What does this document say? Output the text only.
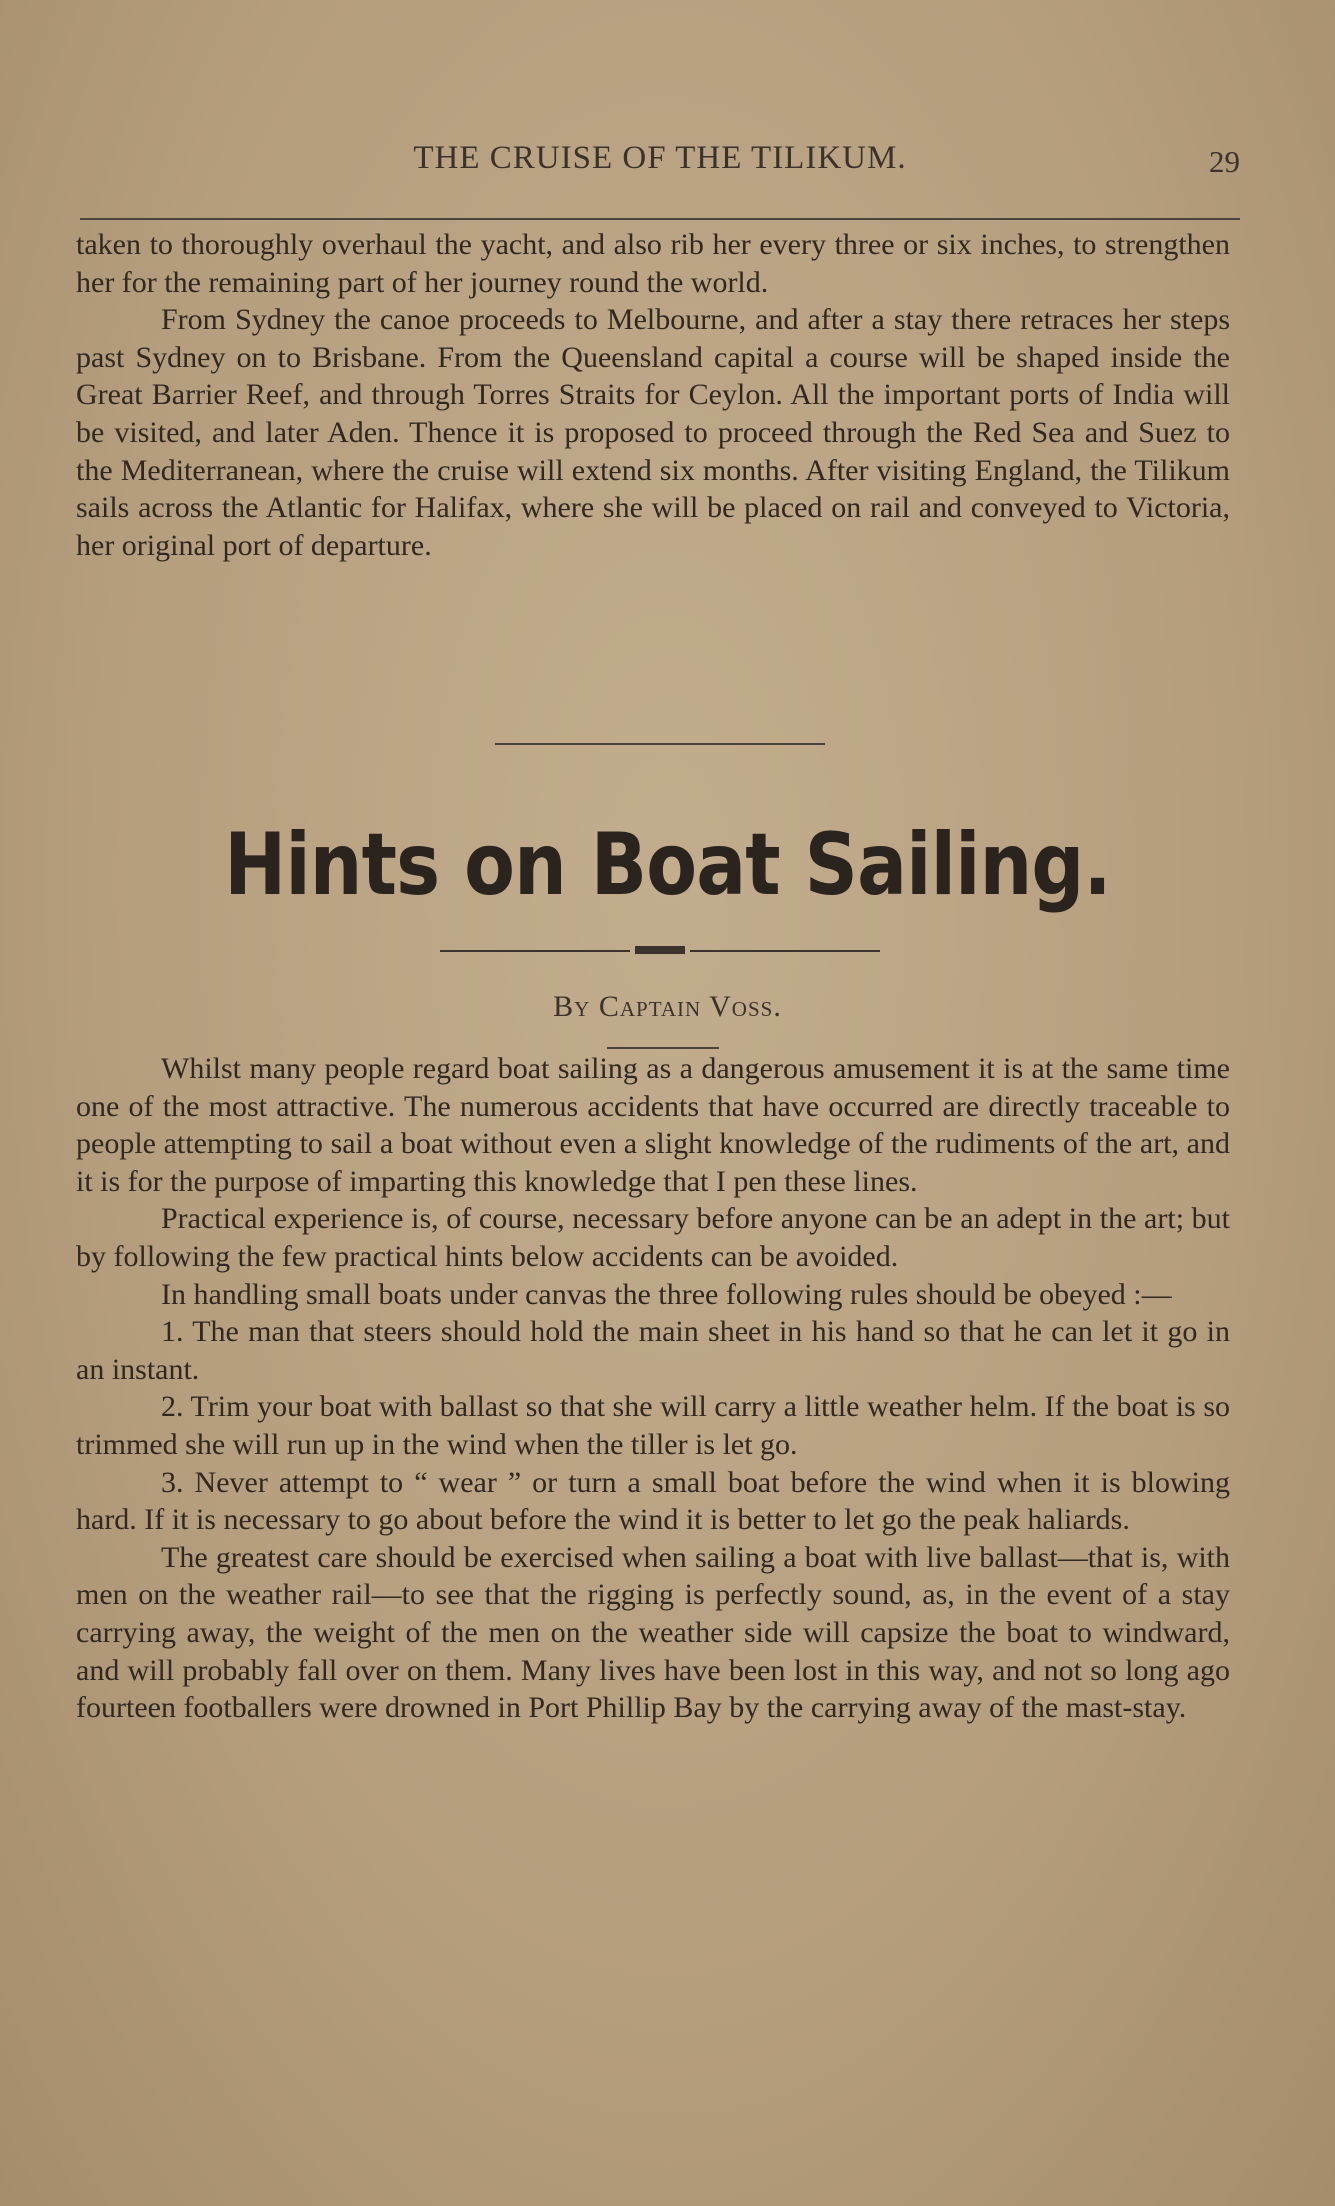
THE CRUISE OF THE TILIKUM.	29

taken to thoroughly overhaul the yacht, and also rib her every three or six inches, to strengthen her for the remaining part of her journey round the world.

From Sydney the canoe proceeds to Melbourne, and after a stay there retraces her steps past Sydney on to Brisbane. From the Queensland capital a course will be shaped inside the Great Barrier Reef, and through Torres Straits for Ceylon. All the important ports of India will be visited, and later Aden. Thence it is proposed to proceed through the Red Sea and Suez to the Mediterranean, where the cruise will extend six months. After visiting England, the Tilikum sails across the Atlantic for Halifax, where she will be placed on rail and conveyed to Victoria, her original port of departure.

Hints on Boat Sailing.
By Captain Voss.

Whilst many people regard boat sailing as a dangerous amusement it is at the same time one of the most attractive. The numerous accidents that have occurred are directly traceable to people attempting to sail a boat without even a slight knowledge of the rudiments of the art, and it is for the purpose of imparting this knowledge that I pen these lines.

Practical experience is, of course, necessary before anyone can be an adept in the art; but by following the few practical hints below accidents can be avoided.

In handling small boats under canvas the three following rules should be obeyed :—

1. The man that steers should hold the main sheet in his hand so that he can let it go in an instant.

2. Trim your boat with ballast so that she will carry a little weather helm. If the boat is so trimmed she will run up in the wind when the tiller is let go.

3. Never attempt to “ wear ” or turn a small boat before the wind when it is blowing hard. If it is necessary to go about before the wind it is better to let go the peak haliards.

The greatest care should be exercised when sailing a boat with live ballast—that is, with men on the weather rail—to see that the rigging is perfectly sound, as, in the event of a stay carrying away, the weight of the men on the weather side will capsize the boat to windward, and will probably fall over on them. Many lives have been lost in this way, and not so long ago fourteen footballers were drowned in Port Phillip Bay by the carrying away of the mast-stay.
